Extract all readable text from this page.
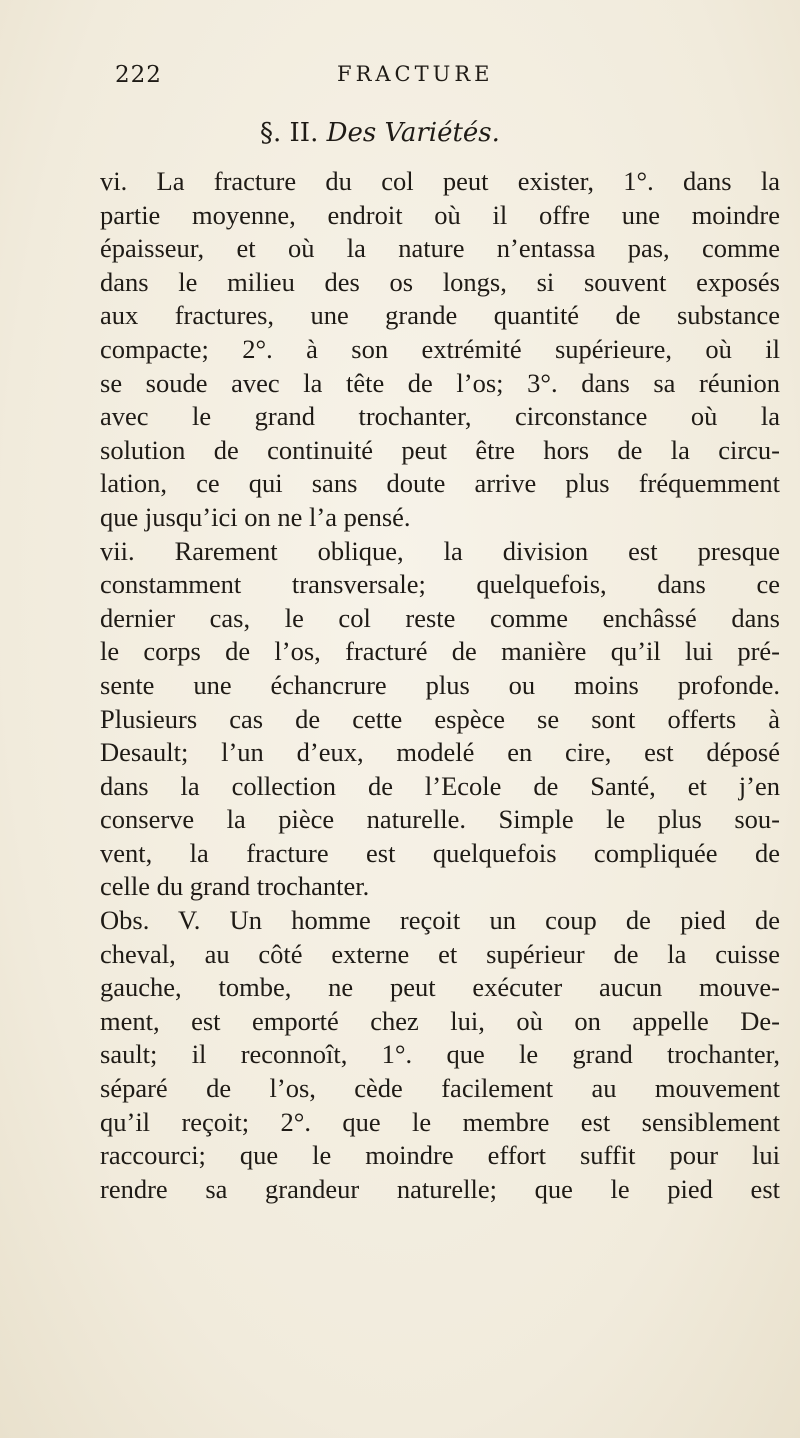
222	FRACTURE
§. II. Des Variétés.
vi. La fracture du col peut exister, 1°. dans la
partie moyenne, endroit où il offre une moindre
épaisseur, et où la nature n’entassa pas, comme
dans le milieu des os longs, si souvent exposés
aux fractures, une grande quantité de substance
compacte; 2°. à son extrémité supérieure, où il
se soude avec la tête de l’os; 3°. dans sa réunion
avec le grand trochanter, circonstance où la
solution de continuité peut être hors de la circu-
lation, ce qui sans doute arrive plus fréquemment
que jusqu’ici on ne l’a pensé.
vii. Rarement oblique, la division est presque
constamment transversale; quelquefois, dans ce
dernier cas, le col reste comme enchâssé dans
le corps de l’os, fracturé de manière qu’il lui pré-
sente une échancrure plus ou moins profonde.
Plusieurs cas de cette espèce se sont offerts à
Desault; l’un d’eux, modelé en cire, est déposé
dans la collection de l’Ecole de Santé, et j’en
conserve la pièce naturelle. Simple le plus sou-
vent, la fracture est quelquefois compliquée de
celle du grand trochanter.
Obs. V. Un homme reçoit un coup de pied de
cheval, au côté externe et supérieur de la cuisse
gauche, tombe, ne peut exécuter aucun mouve-
ment, est emporté chez lui, où on appelle De-
sault; il reconnoît, 1°. que le grand trochanter,
séparé de l’os, cède facilement au mouvement
qu’il reçoit; 2°. que le membre est sensiblement
raccourci; que le moindre effort suffit pour lui
rendre sa grandeur naturelle; que le pied est
